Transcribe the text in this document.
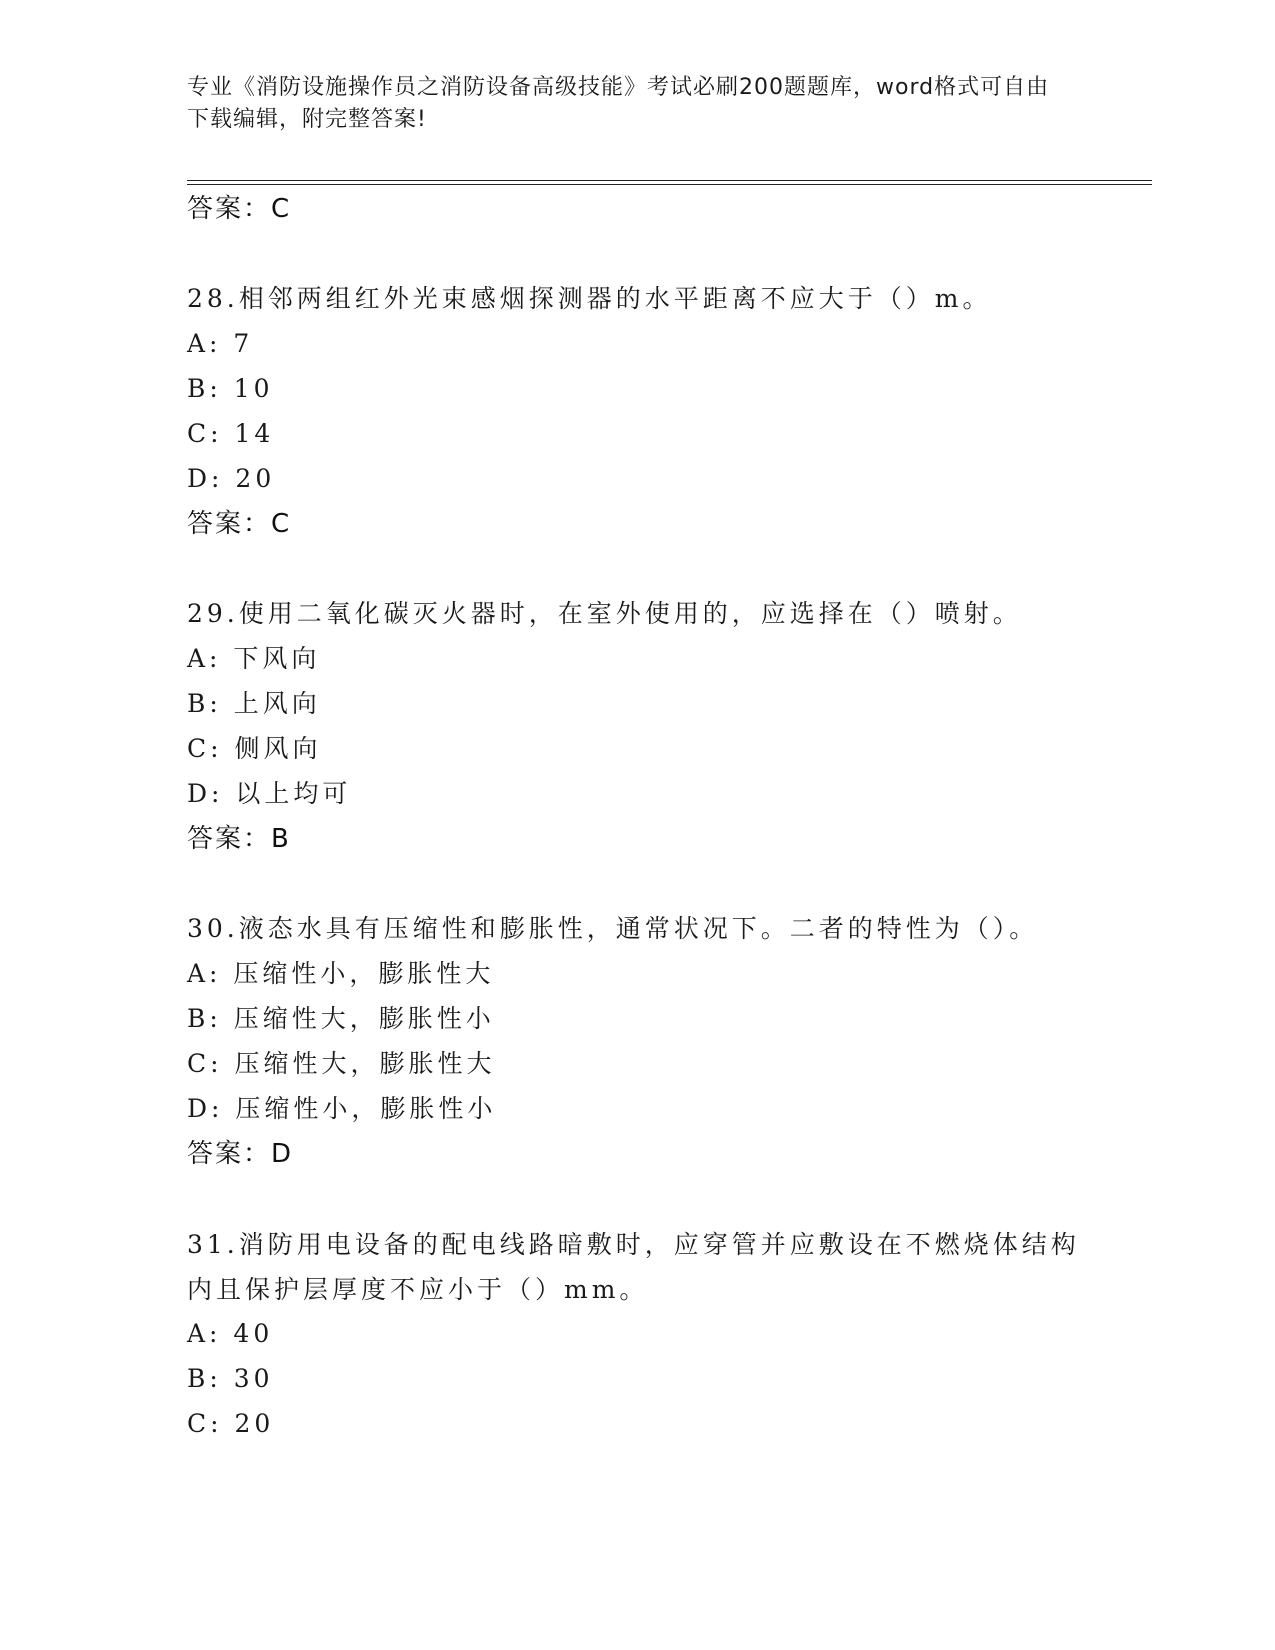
专业《消防设施操作员之消防设备高级技能》考试必刷200题题库，word格式可自由下载编辑，附完整答案!
答案：C
28.相邻两组红外光束感烟探测器的水平距离不应大于（）m。
A: 7
B: 10
C: 14
D: 20
答案：C
29.使用二氧化碳灭火器时，在室外使用的，应选择在（）喷射。
A: 下风向
B: 上风向
C: 侧风向
D: 以上均可
答案：B
30.液态水具有压缩性和膨胀性，通常状况下。二者的特性为（）。
A: 压缩性小，膨胀性大
B: 压缩性大，膨胀性小
C: 压缩性大，膨胀性大
D: 压缩性小，膨胀性小
答案：D
31.消防用电设备的配电线路暗敷时，应穿管并应敷设在不燃烧体结构内且保护层厚度不应小于（）mm。
A: 40
B: 30
C: 20
